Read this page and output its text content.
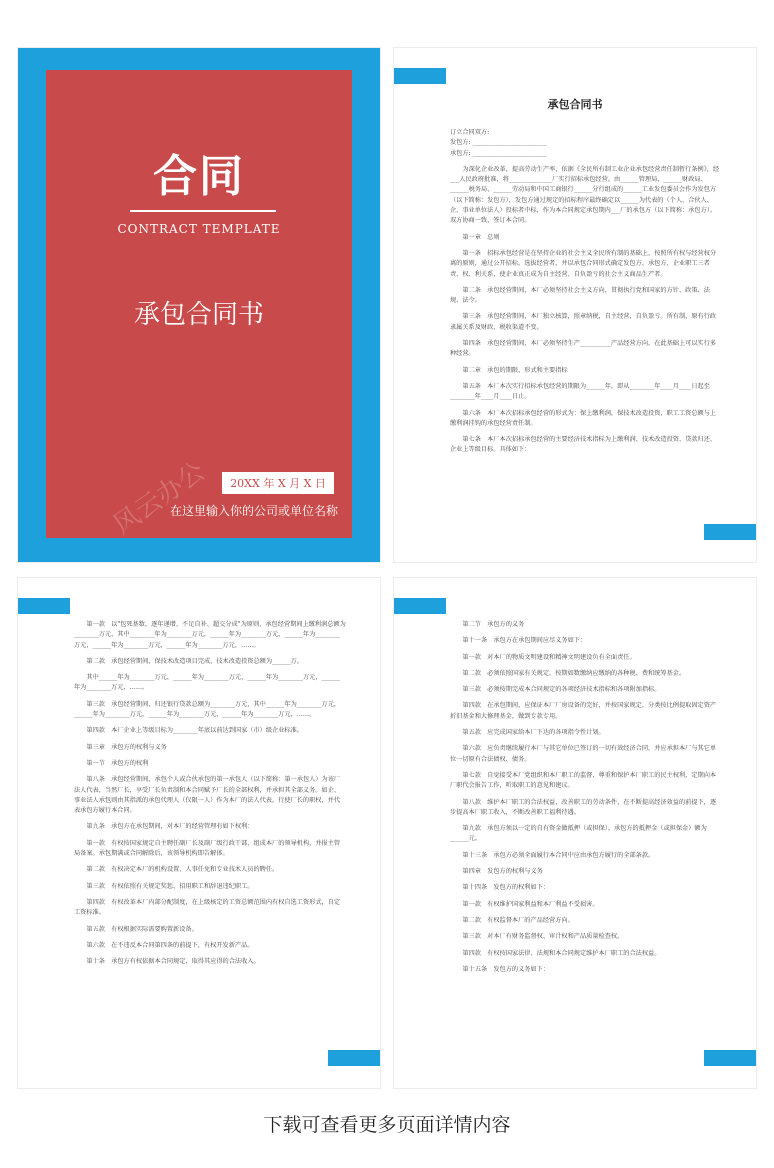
合同
CONTRACT TEMPLATE
承包合同书
风云办公	20XX 年 X 月 X 日
在这里输入你的公司或单位名称
承包合同书

订立合同双方:

发包方: ________________________

承包方: ________________________

为深化企业改革，提高劳动生产率，依据《全民所有制工业企业承包经营责任制暂行条例》，经___人民政府批准，将______________厂实行招标承包经营。由______管理局、______财政局、______税务局、______劳动局和中国工商银行______分行组成的______工业发包委员会作为发包方（以下简称：发包方），发包方通过规定的招标程序最终确定以______为代表的（个人、合伙人、企、事业单位法人）投标者中标，作为本合同规定承包期内___厂的承包方（以下简称：承包方）。双方协商一致，签订本合同。

第一章　总则

第一条　招标承包经营是在坚持企业的社会主义全民所有制的基础上，按照所有权与经营权分离的原则，通过公开招标，选拔经营者，并以承包合同形式确定发包方、承包方、企业职工三者责、权、利关系，使企业真正成为自主经营、自负盈亏的社会主义商品生产者。

第二条　承包经营期间，本厂必须坚持社会主义方向，贯彻执行党和国家的方针、政策、法规、法令。

第三条　承包经营期间，本厂独立核算，照章纳税，自主经营，自负盈亏。所有制、原有行政隶属关系及财政、税收渠道不变。

第四条　承包经营期间，本厂必须坚持生产__________产品经营方向，在此基础上可以实行多种经营。

第二章　承包的期限、形式和主要指标

第五条　本厂本次实行招标承包经营的期限为______年，即从________年____月____日起至________年____月____日止。

第六条　本厂本次招标承包经营的形式为：保上缴利润，保技术改造投资，职工工资总额与上缴利润挂钩的承包经营责任制。

第七条　本厂本次招标承包经营的主要经济技术指标为上缴利润、技术改造投资、贷款归还、企业上等级目标。具体如下：

第一款　以"包死基数、逐年递增、不足自补、超交分成"为原则，承包经营期间上缴利润总额为________万元，其中________年为________万元，______年为________万元，______年为________万元，______年为________万元，______年为________万元，……。

第二款　承包经营期间，保技术改造项目完成，技术改造投资总额为______万。

其中______年为________万元，______年为________万元，______年为________万元，______年为________万元，……。

第三款　承包经营期间，归还银行贷款总额为________万元，其中______年为________万元，______年为________万元，______年为________万元，______年为________万元，……。

第四款　本厂企业上等级目标为________年底以前达到国家（市）级企业标准。

第三章　承包方的权利与义务

第一节　承包方的权利

第八条　承包经营期间，承包个人或合伙承包的第一承包人（以下简称：第一承包人）为该厂法人代表，当然厂长，享受厂长负责制和本合同赋予厂长的全部权利，并承担其全部义务。如企、事业法人承包则由其指派的承包代理人（仅限一人）作为本厂的法人代表，行使厂长的职权，并代表承包方履行本合同。

第九条　承包方在承包期间，对本厂的经营管理有如下权利：

第一款　有权按国家规定自主聘任副厂长及副厂级行政干部，组成本厂的领导机构，并报主管局备案。承包期满或合同解除后，该领导机构即告解体。

第二款　有权决定本厂的机构设置、人事任免和专业技术人员的聘任。

第三款　有权依照有关规定奖惩、招用职工和辞退违纪职工。

第四款　有权改革本厂内部分配制度，在上级核定的工资总额范围内有权自选工资形式，自定工资标准。

第五款　有权根据实际需要购置新设备。

第六款　在不违反本合同第四条的前提下，有权开发新产品。

第十条　承包方有权依据本合同规定，取得其应得的合法收入。

第二节　承包方的义务

第十一条　承包方在承包期间应尽义务如下：

第一款　对本厂的物质文明建设和精神文明建设负有全面责任。

第二款　必须依照国家有关规定，按期如数缴纳应缴纳的各种税、费和统筹基金。

第三款　必须按期完成本合同规定的各项经济技术指标和各项附加指标。

第四款　在承包期间，应保证本厂厂房设备的完好，并按国家规定，分类按比例提取固定资产折旧基金和大修理基金，做到专款专用。

第五款　应完成国家给本厂下达的各项指令性计划。

第六款　应负责继续履行本厂与其它单位已签订的一切有效经济合同，并应承担本厂与其它单位一切原有合法债权、债务。

第七款　自觉接受本厂党组织和本厂职工的监督，尊重和保护本厂职工的民主权利，定期向本厂职代会报告工作，听取职工的意见和建议。

第八款　维护本厂职工的合法权益，改善职工的劳动条件，在不断提高经济效益的前提下，逐步提高本厂职工收入，不断改善职工福利待遇。

第九款　承包方须以一定的自有资金做抵押（或担保）。承包方的抵押金（或担保金）额为______元。

第十三条　承包方必须全面履行本合同中应由承包方履行的全部条款。

第四章　发包方的权利与义务

第十四条　发包方的权利如下：

第一款　有权维护国家利益和本厂利益不受损害。

第二款　有权监督本厂的产品经营方向。

第三款　对本厂有财务监督权、审计权和产品质量检查权。

第四款　有权按国家法律、法规和本合同规定维护本厂职工的合法权益。

第十五条　发包方的义务如下：

下载可查看更多页面详情内容
